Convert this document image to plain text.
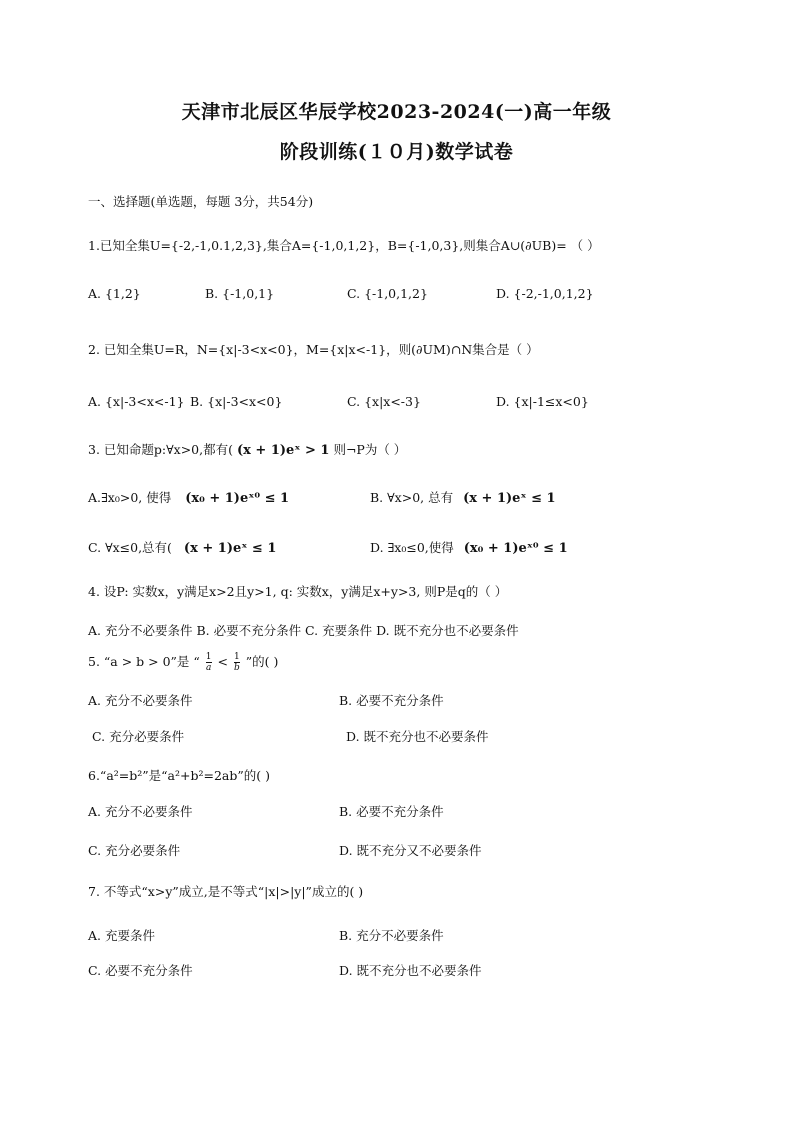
天津市北辰区华辰学校2023-2024(一)高一年级
阶段训练(１０月)数学试卷
一、选择题(单选题，每题 3分，共54分)
1.已知全集U={-2,-1,0.1,2,3},集合A={-1,0,1,2}，B={-1,0,3},则集合A∪(∂UB)= （ ）
A. {1,2}	B. {-1,0,1}	C. {-1,0,1,2}	D. {-2,-1,0,1,2}
2. 已知全集U=R，N={x|-3<x<0}，M={x|x<-1}，则(∂UM)∩N集合是（ ）
A. {x|-3<x<-1} B. {x|-3<x<0}	C. {x|x<-3}	D. {x|-1≤x<0}
3. 已知命题p:∀x>0,都有( (x + 1)eˣ > 1 则¬P为（ ）
A.∃x₀>0, 使得 (x₀ + 1)eˣ⁰ ≤ 1	B. ∀x>0, 总有 (x + 1)eˣ ≤ 1
C. ∀x≤0,总有( (x + 1)eˣ ≤ 1	D. ∃x₀≤0,使得 (x₀ + 1)eˣ⁰ ≤ 1
4. 设P: 实数x，y满足x>2且y>1, q: 实数x，y满足x+y>3, 则P是q的（ ）
A. 充分不必要条件 B. 必要不充分条件 C. 充要条件 D. 既不充分也不必要条件
5. “a > b > 0”是 “ $\frac{1}{a} < \frac{1}{b}$ ”的( )
A. 充分不必要条件	B. 必要不充分条件
C. 充分必要条件	D. 既不充分也不必要条件
6.“a²=b²”是“a²+b²=2ab”的( )
A. 充分不必要条件	B. 必要不充分条件
C. 充分必要条件	D. 既不充分又不必要条件
7. 不等式“x>y”成立,是不等式“|x|>|y|”成立的( )
A. 充要条件	B. 充分不必要条件
C. 必要不充分条件	D. 既不充分也不必要条件
